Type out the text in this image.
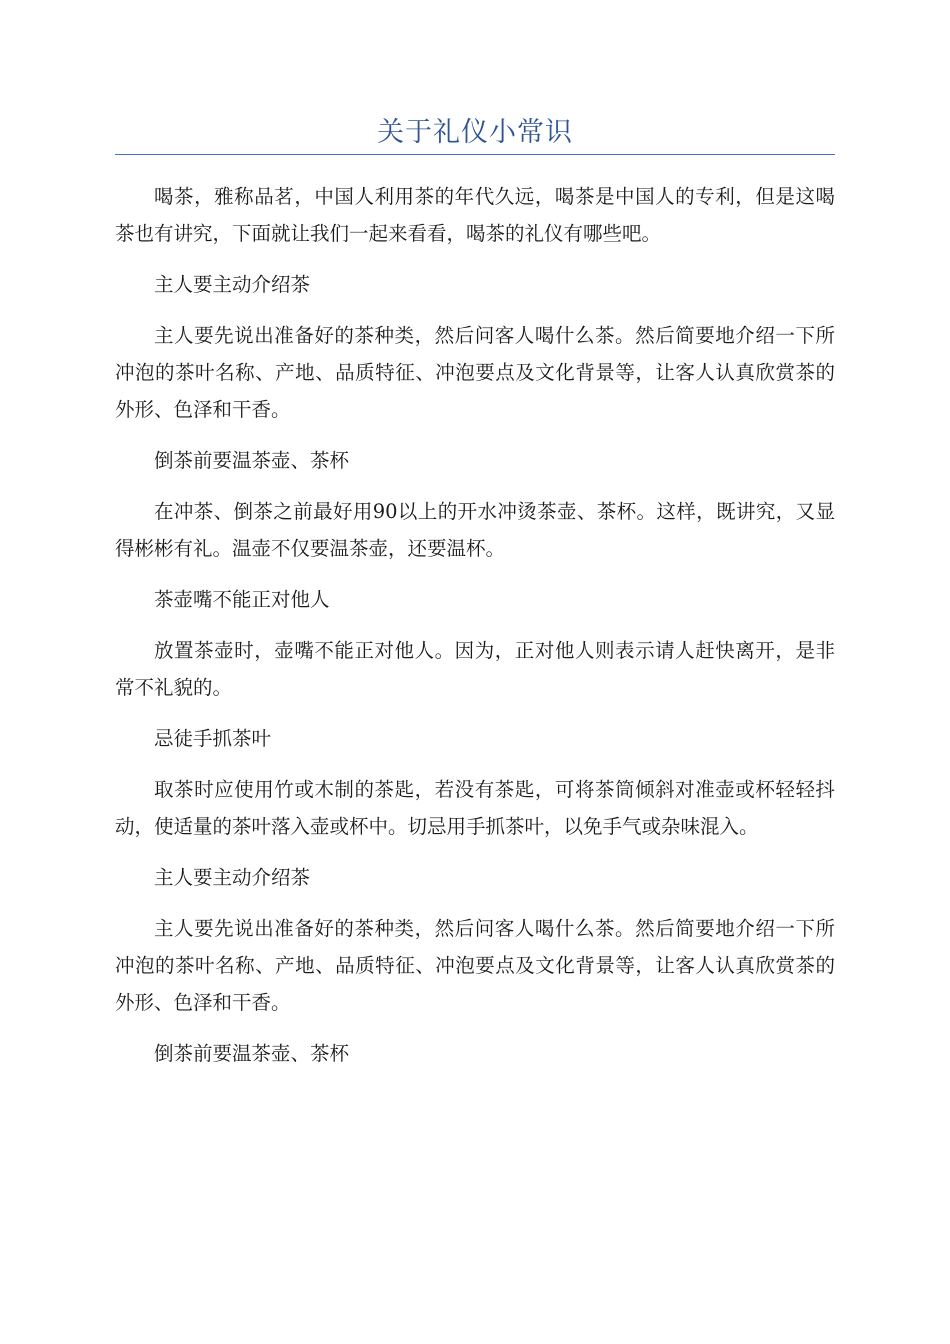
关于礼仪小常识

喝茶，雅称品茗，中国人利用茶的年代久远，喝茶是中国人的专利，但是这喝茶也有讲究，下面就让我们一起来看看，喝茶的礼仪有哪些吧。

主人要主动介绍茶

主人要先说出准备好的茶种类，然后问客人喝什么茶。然后简要地介绍一下所冲泡的茶叶名称、产地、品质特征、冲泡要点及文化背景等，让客人认真欣赏茶的外形、色泽和干香。

倒茶前要温茶壶、茶杯

在冲茶、倒茶之前最好用90以上的开水冲烫茶壶、茶杯。这样，既讲究，又显得彬彬有礼。温壶不仅要温茶壶，还要温杯。

茶壶嘴不能正对他人

放置茶壶时，壶嘴不能正对他人。因为，正对他人则表示请人赶快离开，是非常不礼貌的。

忌徒手抓茶叶

取茶时应使用竹或木制的茶匙，若没有茶匙，可将茶筒倾斜对准壶或杯轻轻抖动，使适量的茶叶落入壶或杯中。切忌用手抓茶叶，以免手气或杂味混入。

主人要主动介绍茶

主人要先说出准备好的茶种类，然后问客人喝什么茶。然后简要地介绍一下所冲泡的茶叶名称、产地、品质特征、冲泡要点及文化背景等，让客人认真欣赏茶的外形、色泽和干香。

倒茶前要温茶壶、茶杯
